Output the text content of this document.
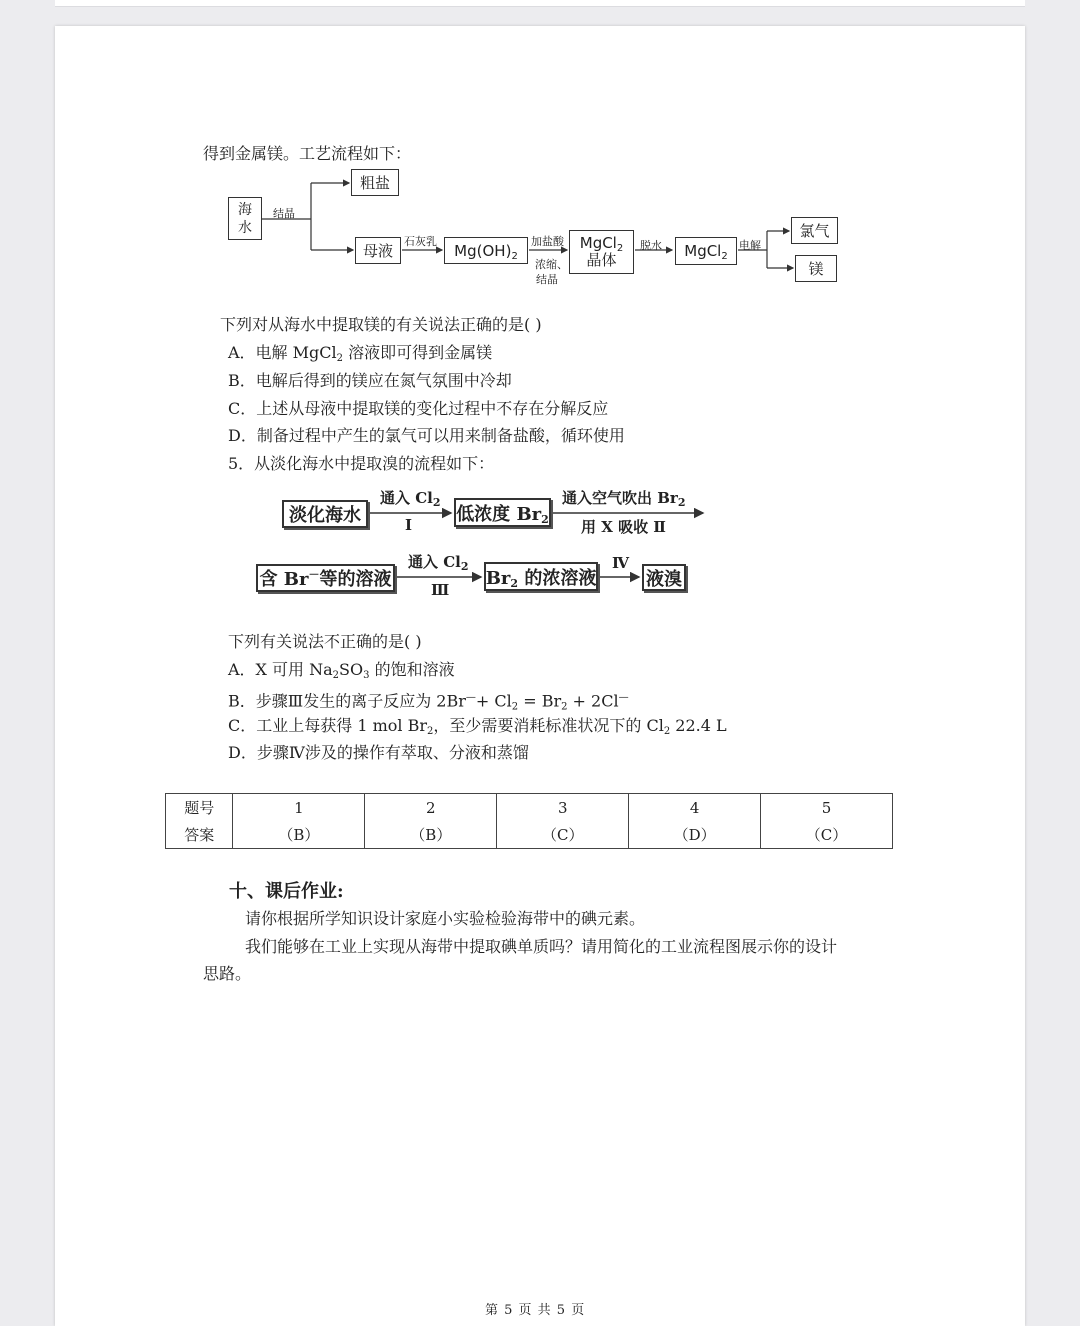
得到金属镁。工艺流程如下：
海水
结晶
粗盐
母液
石灰乳 $Mg(OH)_2$
加盐酸
浓缩、
结晶
MgCl$_2$
晶体
脱水 MgCl$_2$
电解
氯气
镁
下列对从海水中提取镁的有关说法正确的是( )
A．电解 MgCl$_2$ 溶液即可得到金属镁
B．电解后得到的镁应在氮气氛围中冷却
C．上述从母液中提取镁的变化过程中不存在分解反应
D．制备过程中产生的氯气可以用来制备盐酸，循环使用
5．从淡化海水中提取溴的流程如下：
淡化海水
通入 $Cl_2$
Ⅰ
低浓度 $Br_2$
通入空气吹出 $Br_2$
用 X 吸收 Ⅱ
含 Br－等的溶液
通入 $Cl_2$
Ⅲ
$Br_2$ 的浓溶液
Ⅳ
液溴
下列有关说法不正确的是( )
A．X 可用 $Na_2SO_3$ 的饱和溶液
B．步骤Ⅲ发生的离子反应为 $2Br^—+ Cl_2 = Br_2 + 2Cl^—$
C．工业上每获得 1 mol $Br_2$，至少需要消耗标准状况下的 $Cl_2$ 22.4 L
D．步骤Ⅳ涉及的操作有萃取、分液和蒸馏
题号	1	2	3	4	5
答案	（B）	（B）	（C）	（D）	（C）
十、课后作业:
请你根据所学知识设计家庭小实验检验海带中的碘元素。
我们能够在工业上实现从海带中提取碘单质吗？请用简化的工业流程图展示你的设计
思路。
第 5 页 共 5 页
